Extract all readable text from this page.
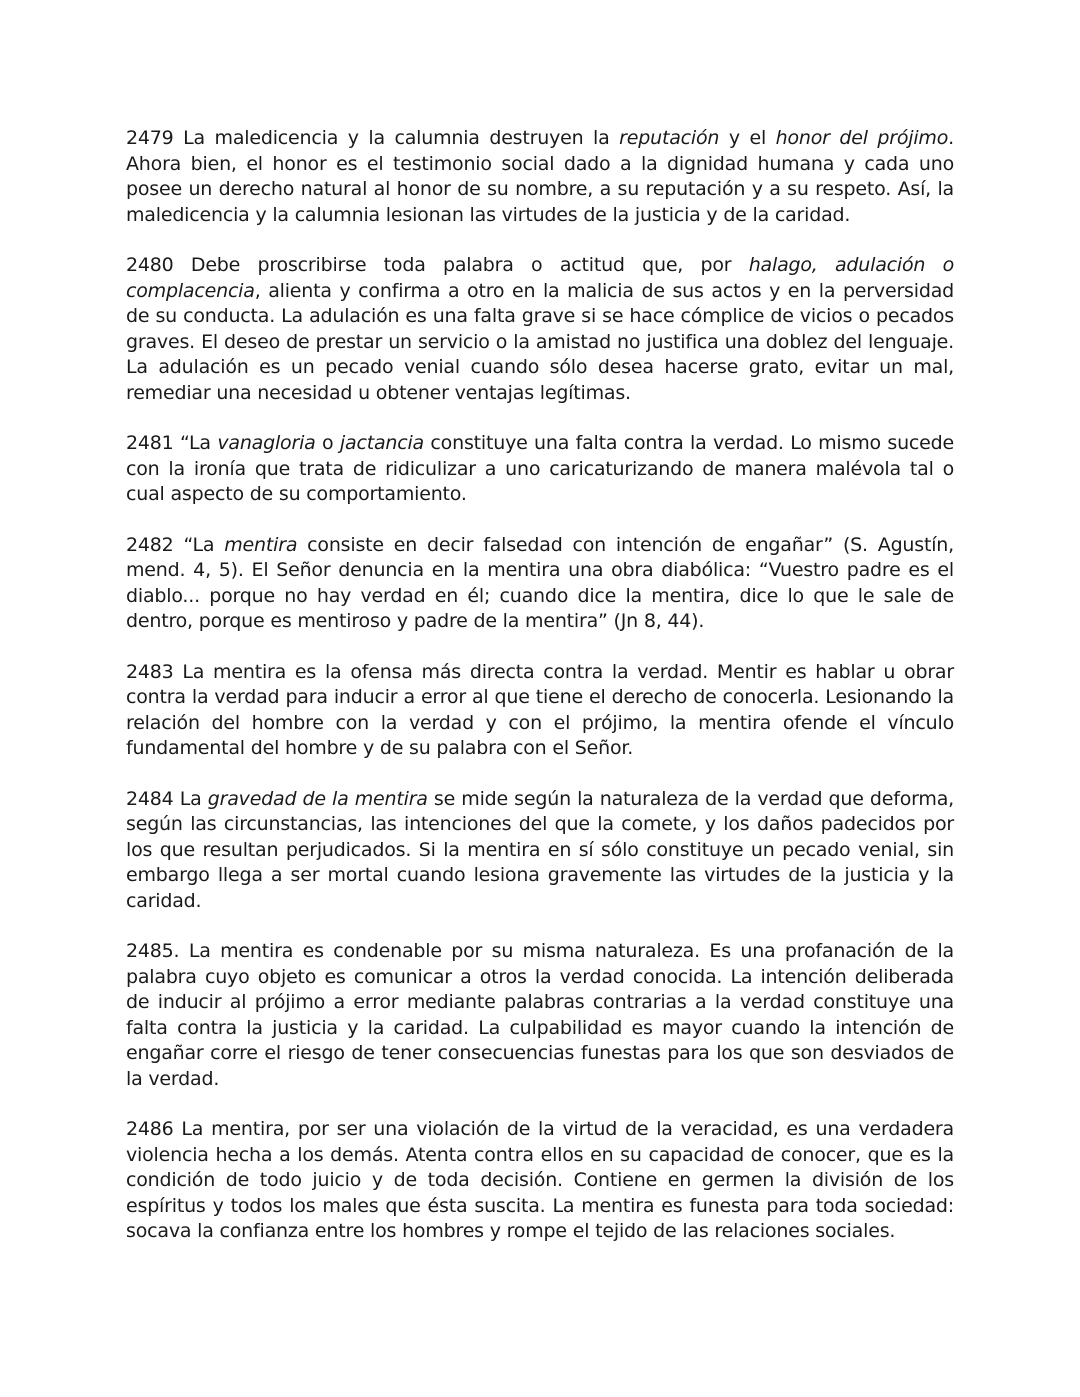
2479 La maledicencia y la calumnia destruyen la reputación y el honor del prójimo. Ahora bien, el honor es el testimonio social dado a la dignidad humana y cada uno posee un derecho natural al honor de su nombre, a su reputación y a su respeto. Así, la maledicencia y la calumnia lesionan las virtudes de la justicia y de la caridad.

2480 Debe proscribirse toda palabra o actitud que, por halago, adulación o complacencia, alienta y confirma a otro en la malicia de sus actos y en la perversidad de su conducta. La adulación es una falta grave si se hace cómplice de vicios o pecados graves. El deseo de prestar un servicio o la amistad no justifica una doblez del lenguaje. La adulación es un pecado venial cuando sólo desea hacerse grato, evitar un mal, remediar una necesidad u obtener ventajas legítimas.

2481 “La vanagloria o jactancia constituye una falta contra la verdad. Lo mismo sucede con la ironía que trata de ridiculizar a uno caricaturizando de manera malévola tal o cual aspecto de su comportamiento.

2482 “La mentira consiste en decir falsedad con intención de engañar” (S. Agustín, mend. 4, 5). El Señor denuncia en la mentira una obra diabólica: “Vuestro padre es el diablo... porque no hay verdad en él; cuando dice la mentira, dice lo que le sale de dentro, porque es mentiroso y padre de la mentira” (Jn 8, 44).

2483 La mentira es la ofensa más directa contra la verdad. Mentir es hablar u obrar contra la verdad para inducir a error al que tiene el derecho de conocerla. Lesionando la relación del hombre con la verdad y con el prójimo, la mentira ofende el vínculo fundamental del hombre y de su palabra con el Señor.

2484 La gravedad de la mentira se mide según la naturaleza de la verdad que deforma, según las circunstancias, las intenciones del que la comete, y los daños padecidos por los que resultan perjudicados. Si la mentira en sí sólo constituye un pecado venial, sin embargo llega a ser mortal cuando lesiona gravemente las virtudes de la justicia y la caridad.

2485. La mentira es condenable por su misma naturaleza. Es una profanación de la palabra cuyo objeto es comunicar a otros la verdad conocida. La intención deliberada de inducir al prójimo a error mediante palabras contrarias a la verdad constituye una falta contra la justicia y la caridad. La culpabilidad es mayor cuando la intención de engañar corre el riesgo de tener consecuencias funestas para los que son desviados de la verdad.

2486 La mentira, por ser una violación de la virtud de la veracidad, es una verdadera violencia hecha a los demás. Atenta contra ellos en su capacidad de conocer, que es la condición de todo juicio y de toda decisión. Contiene en germen la división de los espíritus y todos los males que ésta suscita. La mentira es funesta para toda sociedad: socava la confianza entre los hombres y rompe el tejido de las relaciones sociales.
